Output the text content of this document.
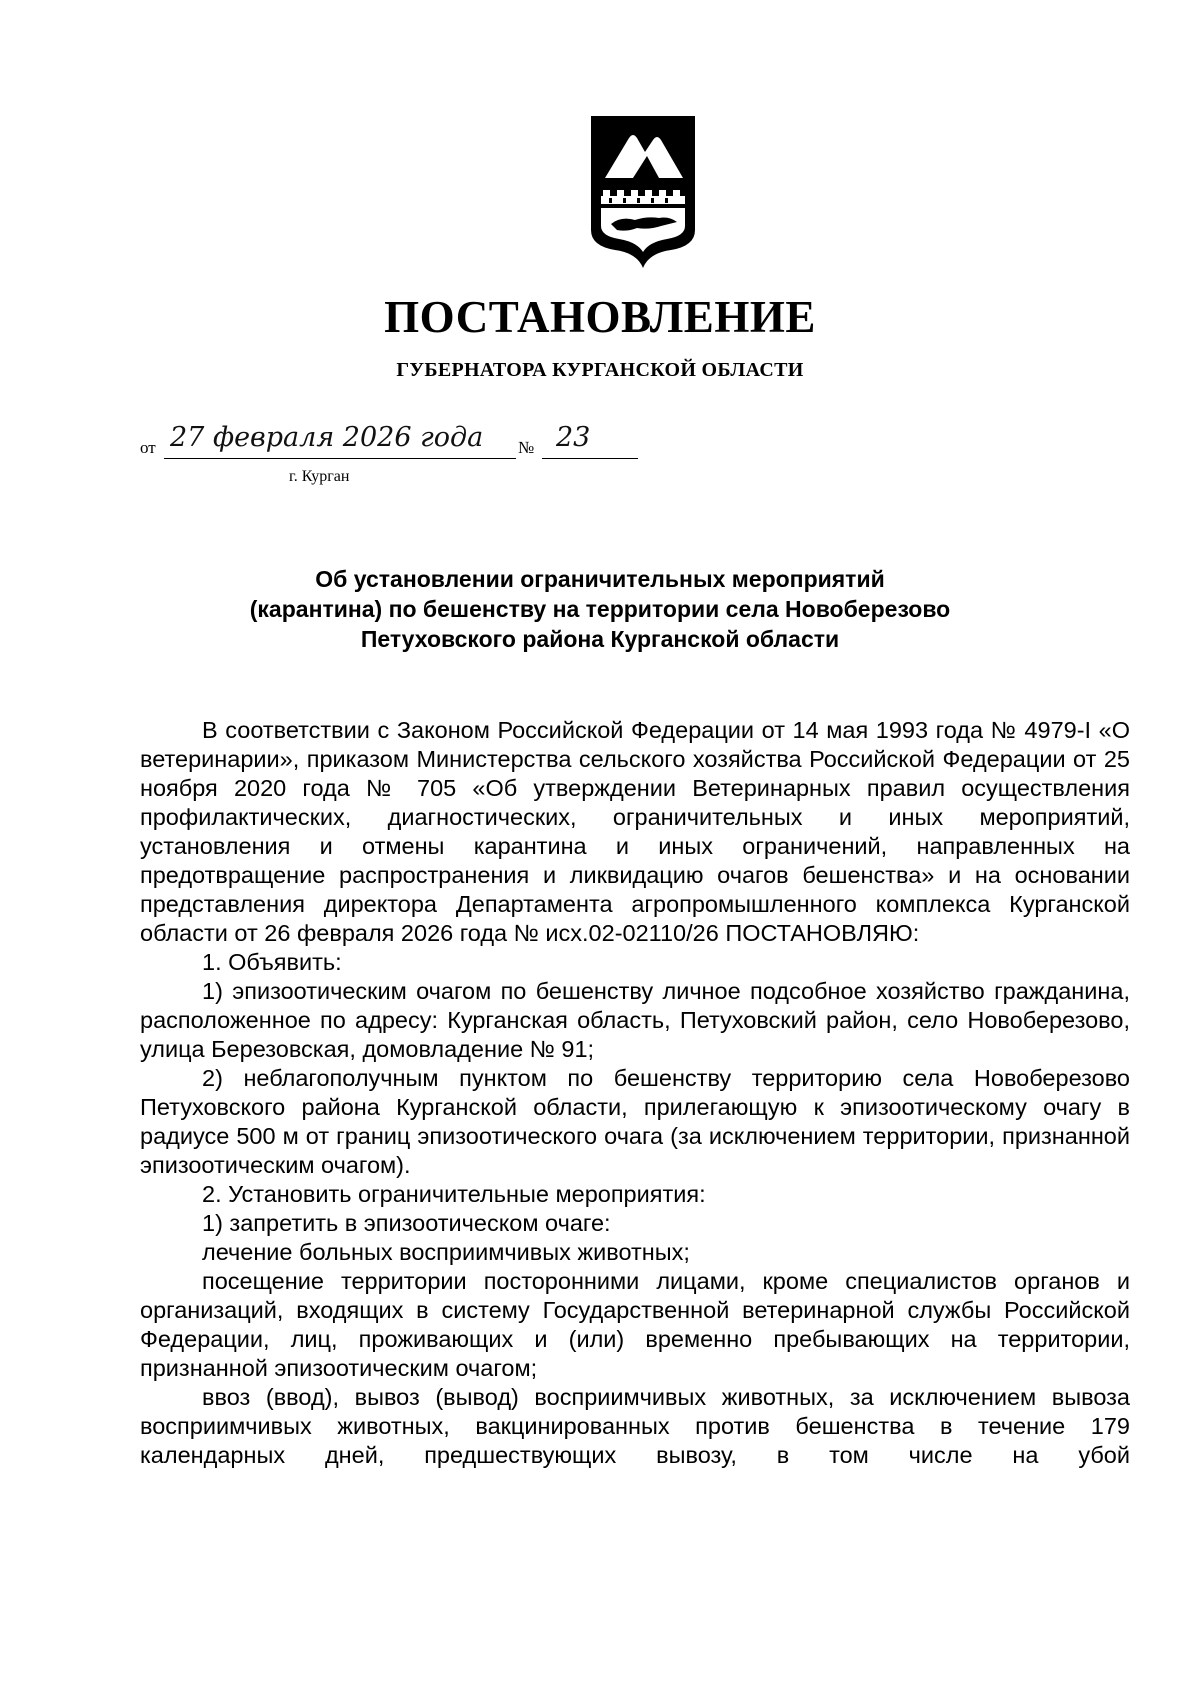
ПОСТАНОВЛЕНИЕ
ГУБЕРНАТОРА КУРГАНСКОЙ ОБЛАСТИ
от 27 февраля 2026 года № 23
г. Курган
Об установлении ограничительных мероприятий
(карантина) по бешенству на территории села Новоберезово
Петуховского района Курганской области

В соответствии с Законом Российской Федерации от 14 мая 1993 года № 4979-I «О ветеринарии», приказом Министерства сельского хозяйства Российской Федерации от 25 ноября 2020 года № 705 «Об утверждении Ветеринарных правил осуществления профилактических, диагностических, ограничительных и иных мероприятий, установления и отмены карантина и иных ограничений, направленных на предотвращение распространения и ликвидацию очагов бешенства» и на основании представления директора Департамента агропромышленного комплекса Курганской области от 26 февраля 2026 года № исх.02-02110/26 ПОСТАНОВЛЯЮ:

1. Объявить:

1) эпизоотическим очагом по бешенству личное подсобное хозяйство гражданина, расположенное по адресу: Курганская область, Петуховский район, село Новоберезово, улица Березовская, домовладение № 91;

2) неблагополучным пунктом по бешенству территорию села Новоберезово Петуховского района Курганской области, прилегающую к эпизоотическому очагу в радиусе 500 м от границ эпизоотического очага (за исключением территории, признанной эпизоотическим очагом).

2. Установить ограничительные мероприятия:

1) запретить в эпизоотическом очаге:

лечение больных восприимчивых животных;

посещение территории посторонними лицами, кроме специалистов органов и организаций, входящих в систему Государственной ветеринарной службы Российской Федерации, лиц, проживающих и (или) временно пребывающих на территории, признанной эпизоотическим очагом;

ввоз (ввод), вывоз (вывод) восприимчивых животных, за исключением вывоза восприимчивых животных, вакцинированных против бешенства в течение 179 календарных дней, предшествующих вывозу, в том числе на убой
